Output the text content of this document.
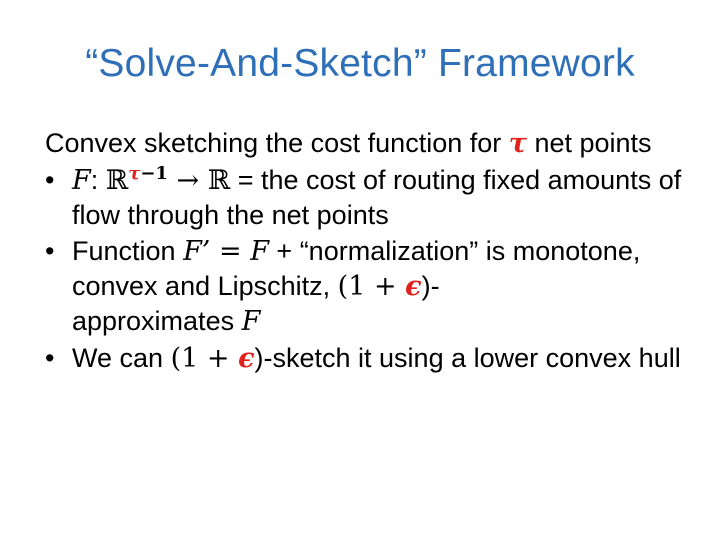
“Solve-And-Sketch” Framework

Convex sketching the cost function for τ net points

• F: ℝ$^{\tau-1}$ → ℝ = the cost of routing fixed amounts of flow through the net points
• Function F’ = F + “normalization” is monotone, convex and Lipschitz, (1 + ϵ)-
approximates F
• We can (1 + ϵ)-sketch it using a lower convex hull
